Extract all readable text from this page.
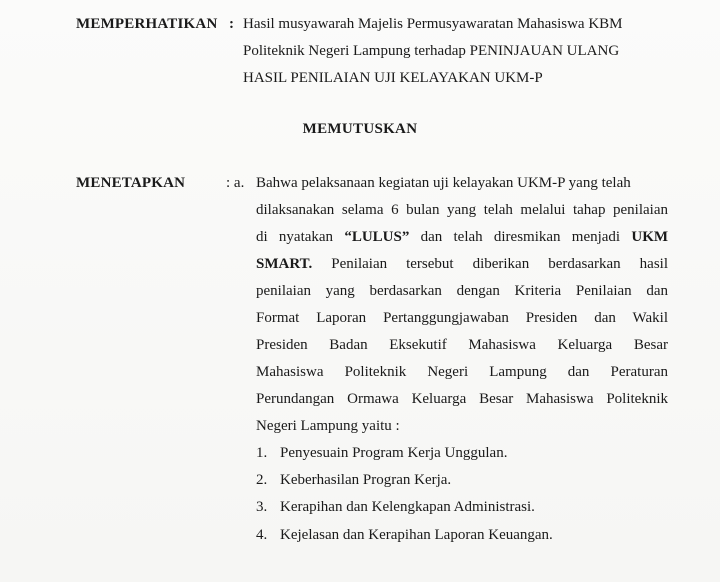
MEMPERHATIKAN : Hasil musyawarah Majelis Permusyawaratan Mahasiswa KBM
Politeknik Negeri Lampung terhadap PENINJAUAN ULANG
HASIL PENILAIAN UJI KELAYAKAN UKM-P
MEMUTUSKAN
MENETAPKAN	: a. Bahwa pelaksanaan kegiatan uji kelayakan UKM-P yang telah
dilaksanakan selama 6 bulan yang telah melalui tahap penilaian
di nyatakan “LULUS” dan telah diresmikan menjadi UKM
SMART. Penilaian tersebut diberikan berdasarkan hasil
penilaian yang berdasarkan dengan Kriteria Penilaian dan
Format Laporan Pertanggungjawaban Presiden dan Wakil
Presiden Badan Eksekutif Mahasiswa Keluarga Besar
Mahasiswa Politeknik Negeri Lampung dan Peraturan
Perundangan Ormawa Keluarga Besar Mahasiswa Politeknik
Negeri Lampung yaitu :
1. Penyesuain Program Kerja Unggulan.
2. Keberhasilan Progran Kerja.
3. Kerapihan dan Kelengkapan Administrasi.
4. Kejelasan dan Kerapihan Laporan Keuangan.
